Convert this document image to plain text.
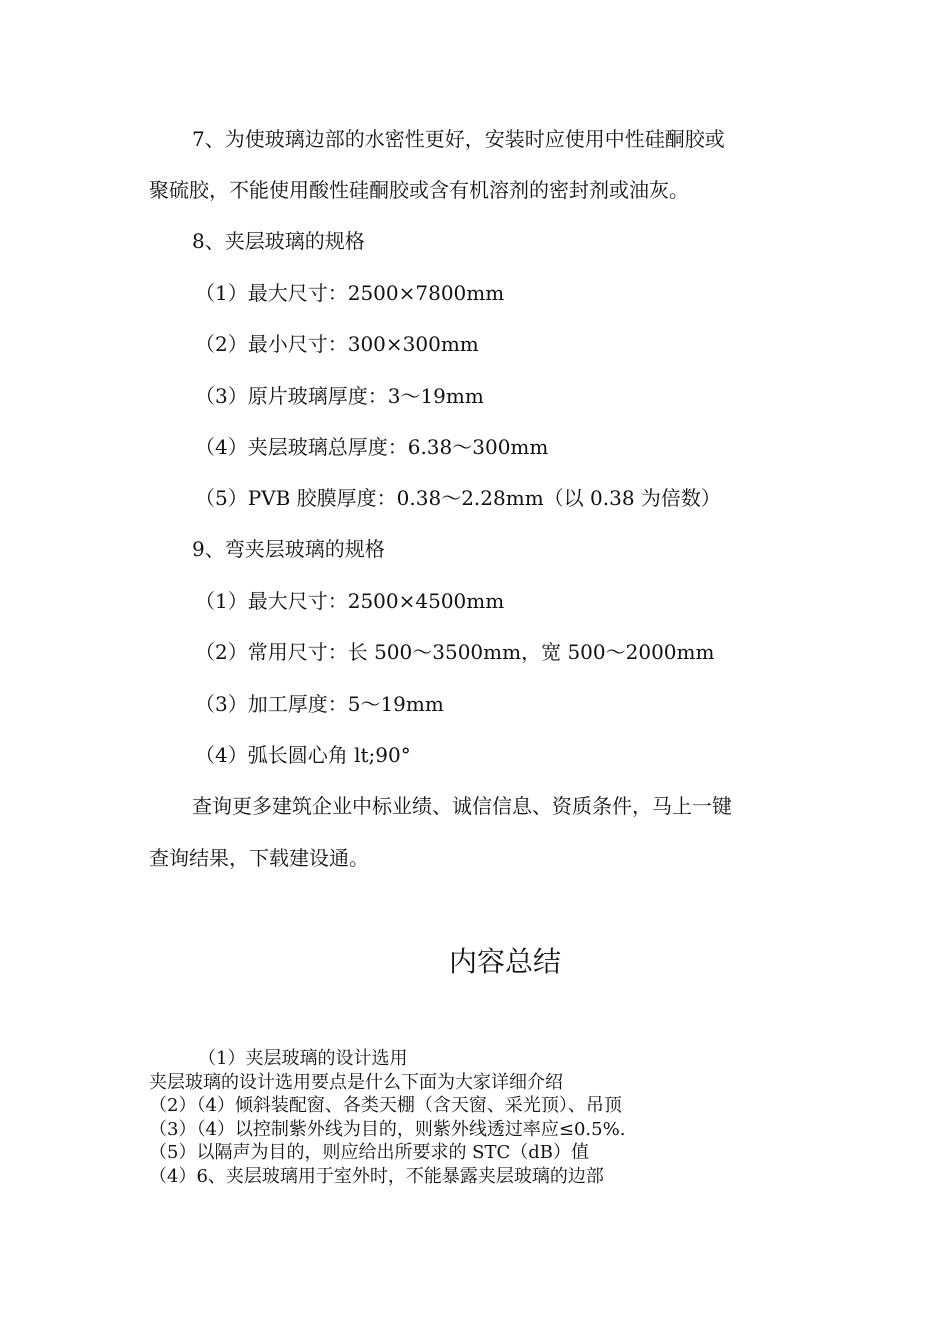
7、为使玻璃边部的水密性更好，安装时应使用中性硅酮胶或
聚硫胶，不能使用酸性硅酮胶或含有机溶剂的密封剂或油灰。
8、夹层玻璃的规格
（1）最大尺寸：2500×7800mm
（2）最小尺寸：300×300mm
（3）原片玻璃厚度：3～19mm
（4）夹层玻璃总厚度：6.38～300mm
（5）PVB 胶膜厚度：0.38～2.28mm（以 0.38 为倍数）
9、弯夹层玻璃的规格
（1）最大尺寸：2500×4500mm
（2）常用尺寸：长 500～3500mm，宽 500～2000mm
（3）加工厚度：5～19mm
（4）弧长圆心角 lt;90°
查询更多建筑企业中标业绩、诚信信息、资质条件，马上一键
查询结果，下载建设通。
内容总结
（1）夹层玻璃的设计选用
夹层玻璃的设计选用要点是什么下面为大家详细介绍
（2）（4）倾斜装配窗、各类天棚（含天窗、采光顶）、吊顶
（3）（4）以控制紫外线为目的，则紫外线透过率应≤0.5%.
（5）以隔声为目的，则应给出所要求的 STC（dB）值
（4）6、夹层玻璃用于室外时，不能暴露夹层玻璃的边部
